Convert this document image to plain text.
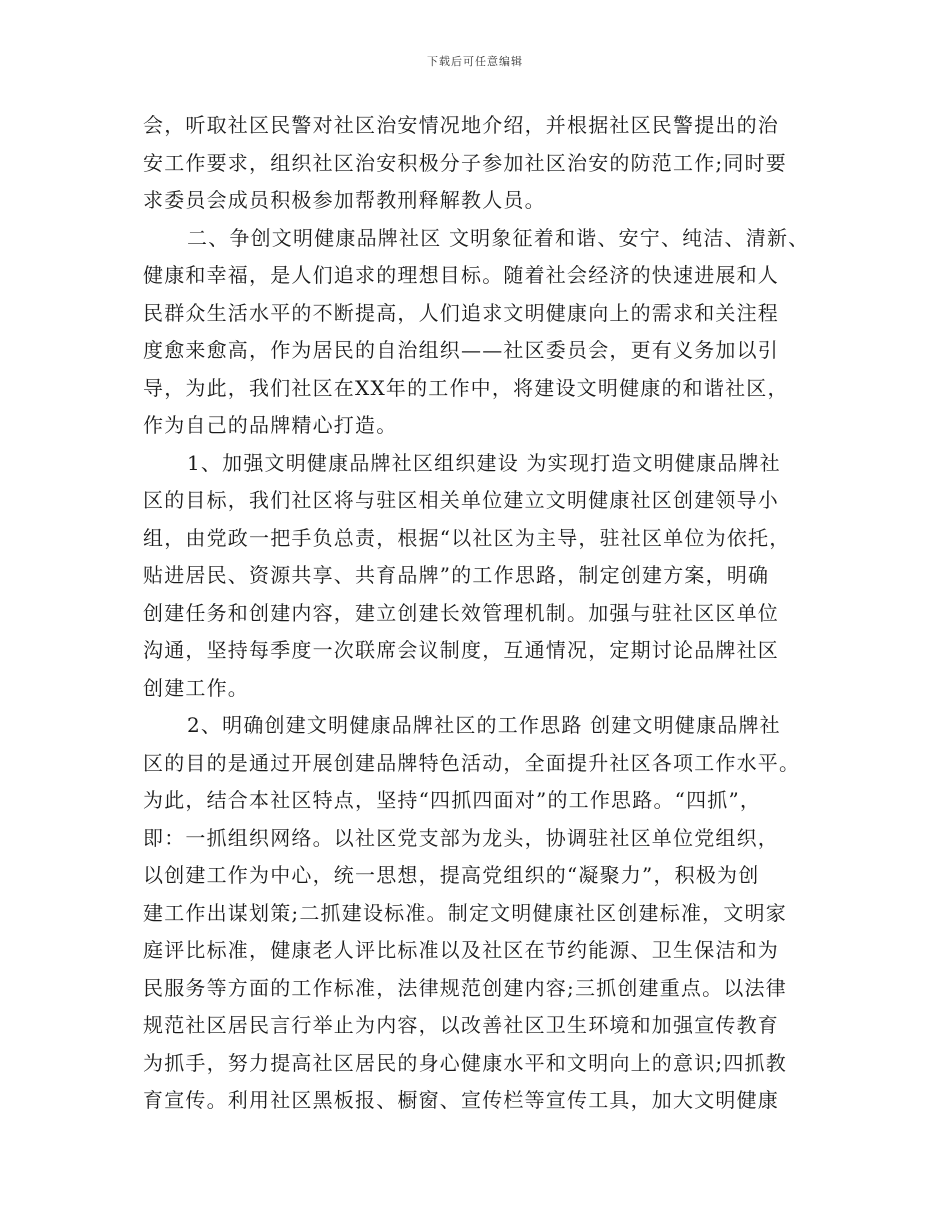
下载后可任意编辑
会，听取社区民警对社区治安情况地介绍，并根据社区民警提出的治
安工作要求，组织社区治安积极分子参加社区治安的防范工作;同时要
求委员会成员积极参加帮教刑释解教人员。
二、争创文明健康品牌社区 文明象征着和谐、安宁、纯洁、清新、
健康和幸福，是人们追求的理想目标。随着社会经济的快速进展和人
民群众生活水平的不断提高，人们追求文明健康向上的需求和关注程
度愈来愈高，作为居民的自治组织——社区委员会，更有义务加以引
导，为此，我们社区在XX年的工作中，将建设文明健康的和谐社区，
作为自己的品牌精心打造。
1、加强文明健康品牌社区组织建设 为实现打造文明健康品牌社
区的目标，我们社区将与驻区相关单位建立文明健康社区创建领导小
组，由党政一把手负总责，根据“以社区为主导，驻社区单位为依托，
贴进居民、资源共享、共育品牌”的工作思路，制定创建方案，明确
创建任务和创建内容，建立创建长效管理机制。加强与驻社区区单位
沟通，坚持每季度一次联席会议制度，互通情况，定期讨论品牌社区
创建工作。
2、明确创建文明健康品牌社区的工作思路 创建文明健康品牌社
区的目的是通过开展创建品牌特色活动，全面提升社区各项工作水平。
为此，结合本社区特点，坚持“四抓四面对”的工作思路。“四抓”，
即：一抓组织网络。以社区党支部为龙头，协调驻社区单位党组织，
以创建工作为中心，统一思想，提高党组织的“凝聚力”，积极为创
建工作出谋划策;二抓建设标准。制定文明健康社区创建标准，文明家
庭评比标准，健康老人评比标准以及社区在节约能源、卫生保洁和为
民服务等方面的工作标准，法律规范创建内容;三抓创建重点。以法律
规范社区居民言行举止为内容，以改善社区卫生环境和加强宣传教育
为抓手，努力提高社区居民的身心健康水平和文明向上的意识;四抓教
育宣传。利用社区黑板报、橱窗、宣传栏等宣传工具，加大文明健康
